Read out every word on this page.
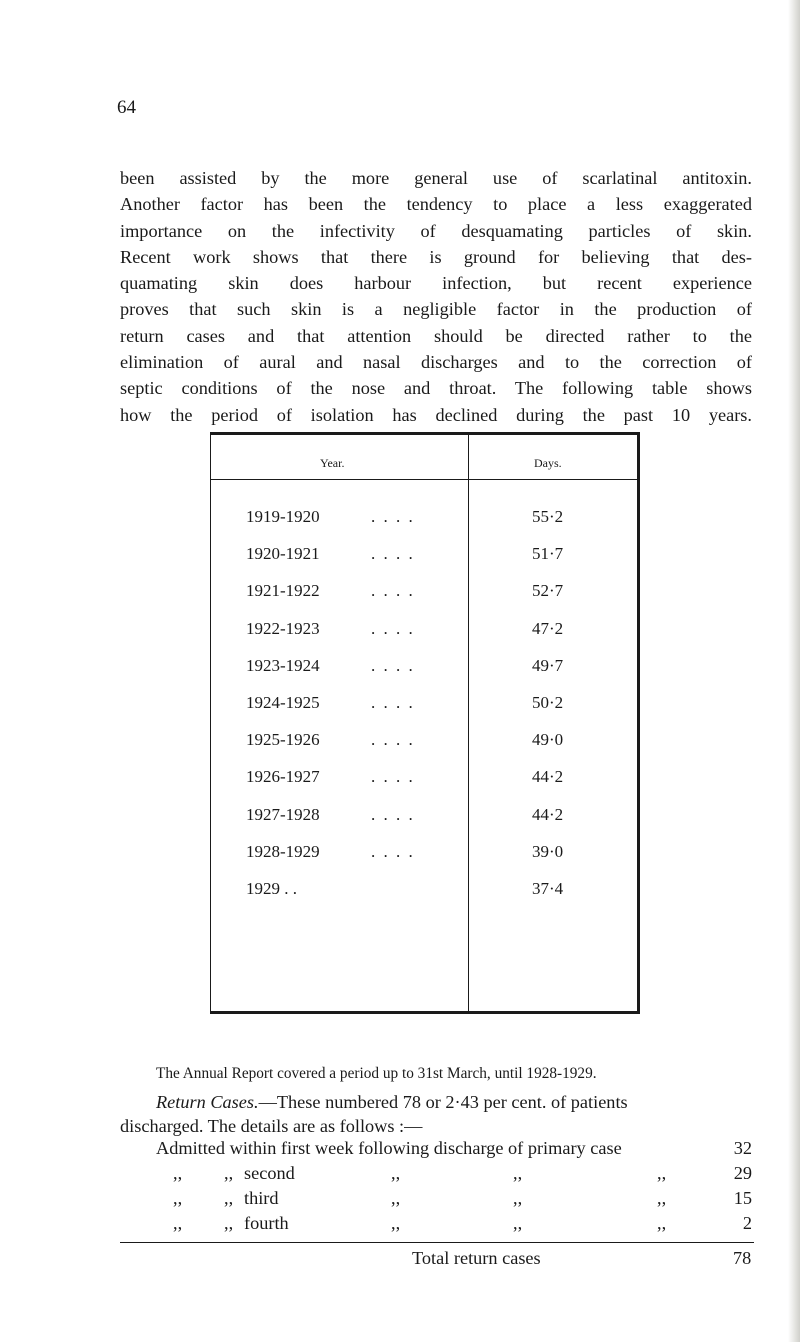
64
been assisted by the more general use of scarlatinal antitoxin.
Another factor has been the tendency to place a less exaggerated
importance on the infectivity of desquamating particles of skin.
Recent work shows that there is ground for believing that des-
quamating skin does harbour infection, but recent experience
proves that such skin is a negligible factor in the production of
return cases and that attention should be directed rather to the
elimination of aural and nasal discharges and to the correction of
septic conditions of the nose and throat. The following table shows
how the period of isolation has declined during the past 10 years.
Year.	Days.
1919-1920	. . . .	55·2
1920-1921	. . . .	51·7
1921-1922	. . . .	52·7
1922-1923	. . . .	47·2
1923-1924	. . . .	49·7
1924-1925	. . . .	50·2
1925-1926	. . . .	49·0
1926-1927	. . . .	44·2
1927-1928	. . . .	44·2
1928-1929	. . . .	39·0
1929 . .	37·4
The Annual Report covered a period up to 31st March, until 1928-1929.
Return Cases.—These numbered 78 or 2·43 per cent. of patients
discharged. The details are as follows :—
Admitted within first week following discharge of primary case	32
,, ,, second	,,	,,	,,	29
,, ,, third	,,	,,	,,	15
,, ,, fourth	,,	,,	,,	2
Total return cases	78
